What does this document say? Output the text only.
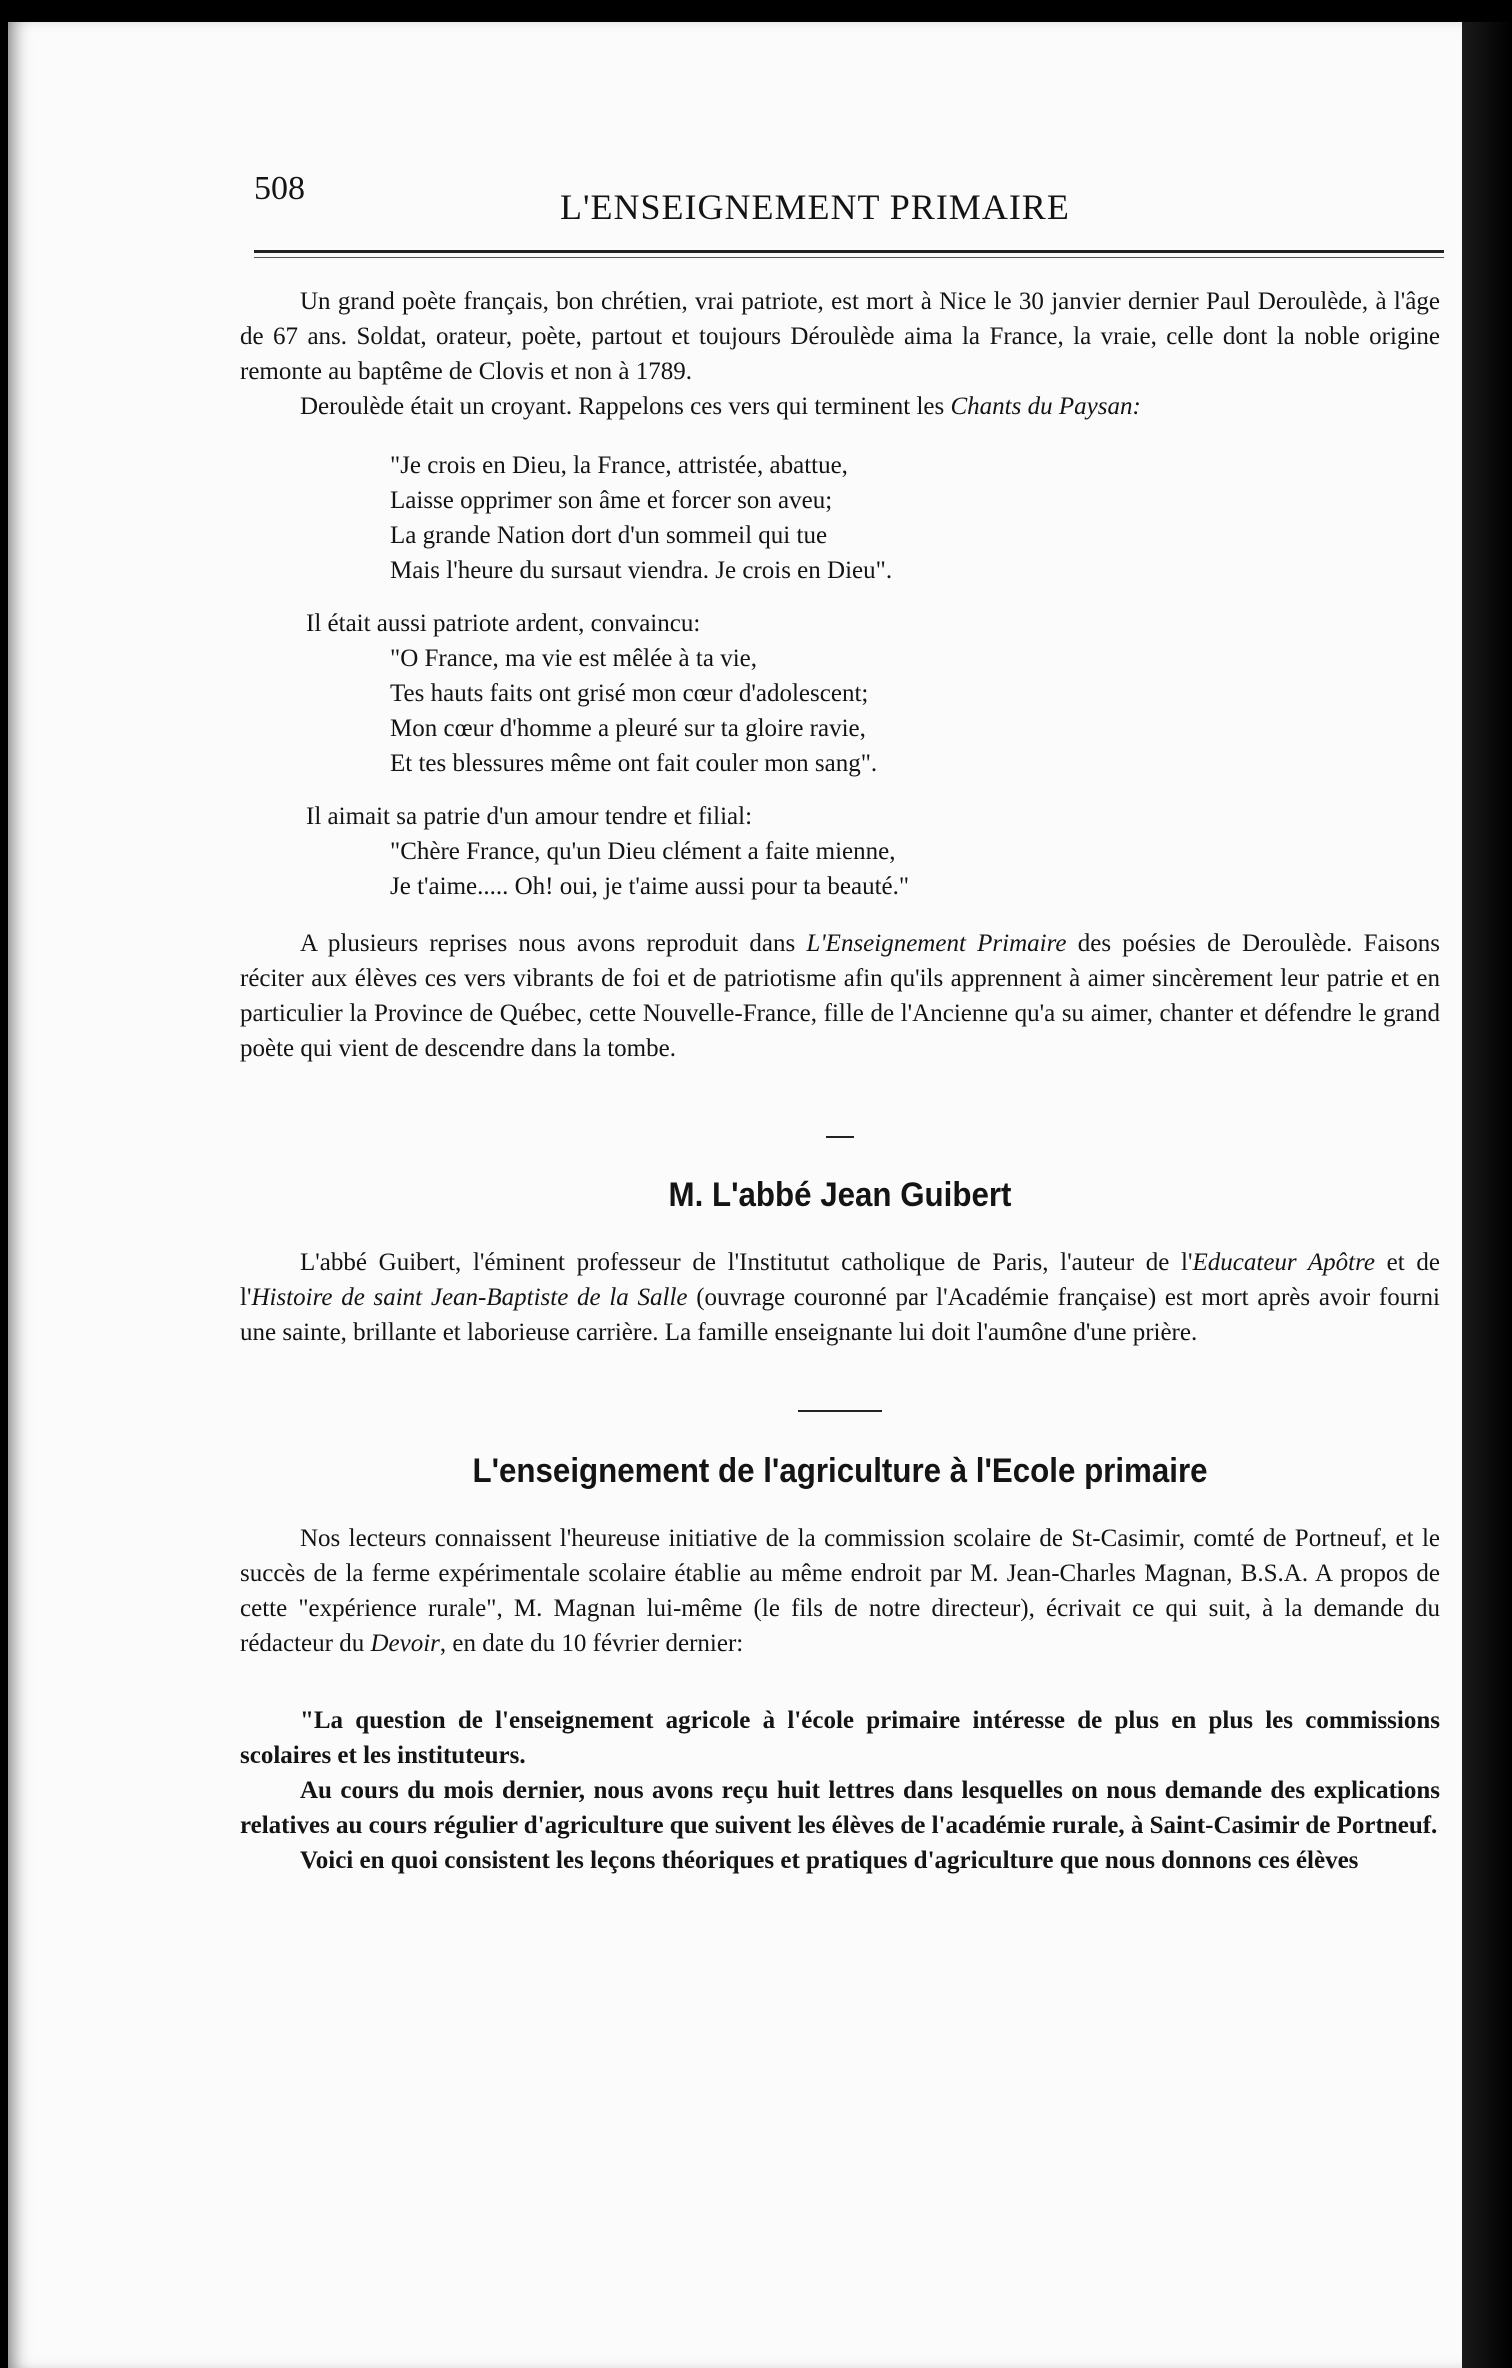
508	L'ENSEIGNEMENT PRIMAIRE

Un grand poète français, bon chrétien, vrai patriote, est mort à Nice le 30 janvier dernier Paul Deroulède, à l'âge de 67 ans. Soldat, orateur, poète, partout et toujours Déroulède aima la France, la vraie, celle dont la noble origine remonte au baptême de Clovis et non à 1789.

Deroulède était un croyant. Rappelons ces vers qui terminent les Chants du Paysan:

"Je crois en Dieu, la France, attristée, abattue,
Laisse opprimer son âme et forcer son aveu;
La grande Nation dort d'un sommeil qui tue
Mais l'heure du sursaut viendra. Je crois en Dieu".

Il était aussi patriote ardent, convaincu:

"O France, ma vie est mêlée à ta vie,
Tes hauts faits ont grisé mon cœur d'adolescent;
Mon cœur d'homme a pleuré sur ta gloire ravie,
Et tes blessures même ont fait couler mon sang".

Il aimait sa patrie d'un amour tendre et filial:

"Chère France, qu'un Dieu clément a faite mienne,
Je t'aime..... Oh! oui, je t'aime aussi pour ta beauté."

A plusieurs reprises nous avons reproduit dans L'Enseignement Primaire des poésies de Deroulède. Faisons réciter aux élèves ces vers vibrants de foi et de patriotisme afin qu'ils apprennent à aimer sincèrement leur patrie et en particulier la Province de Québec, cette Nouvelle-France, fille de l'Ancienne qu'a su aimer, chanter et défendre le grand poète qui vient de descendre dans la tombe.

M. L'abbé Jean Guibert

L'abbé Guibert, l'éminent professeur de l'Institutut catholique de Paris, l'auteur de l'Educateur Apôtre et de l'Histoire de saint Jean-Baptiste de la Salle (ouvrage couronné par l'Académie française) est mort après avoir fourni une sainte, brillante et laborieuse carrière. La famille enseignante lui doit l'aumône d'une prière.

L'enseignement de l'agriculture à l'Ecole primaire

Nos lecteurs connaissent l'heureuse initiative de la commission scolaire de St-Casimir, comté de Portneuf, et le succès de la ferme expérimentale scolaire établie au même endroit par M. Jean-Charles Magnan, B.S.A. A propos de cette "expérience rurale", M. Magnan lui-même (le fils de notre directeur), écrivait ce qui suit, à la demande du rédacteur du Devoir, en date du 10 février dernier:

"La question de l'enseignement agricole à l'école primaire intéresse de plus en plus les commissions scolaires et les instituteurs.

Au cours du mois dernier, nous avons reçu huit lettres dans lesquelles on nous demande des explications relatives au cours régulier d'agriculture que suivent les élèves de l'académie rurale, à Saint-Casimir de Portneuf.

Voici en quoi consistent les leçons théoriques et pratiques d'agriculture que nous donnons ces élèves
